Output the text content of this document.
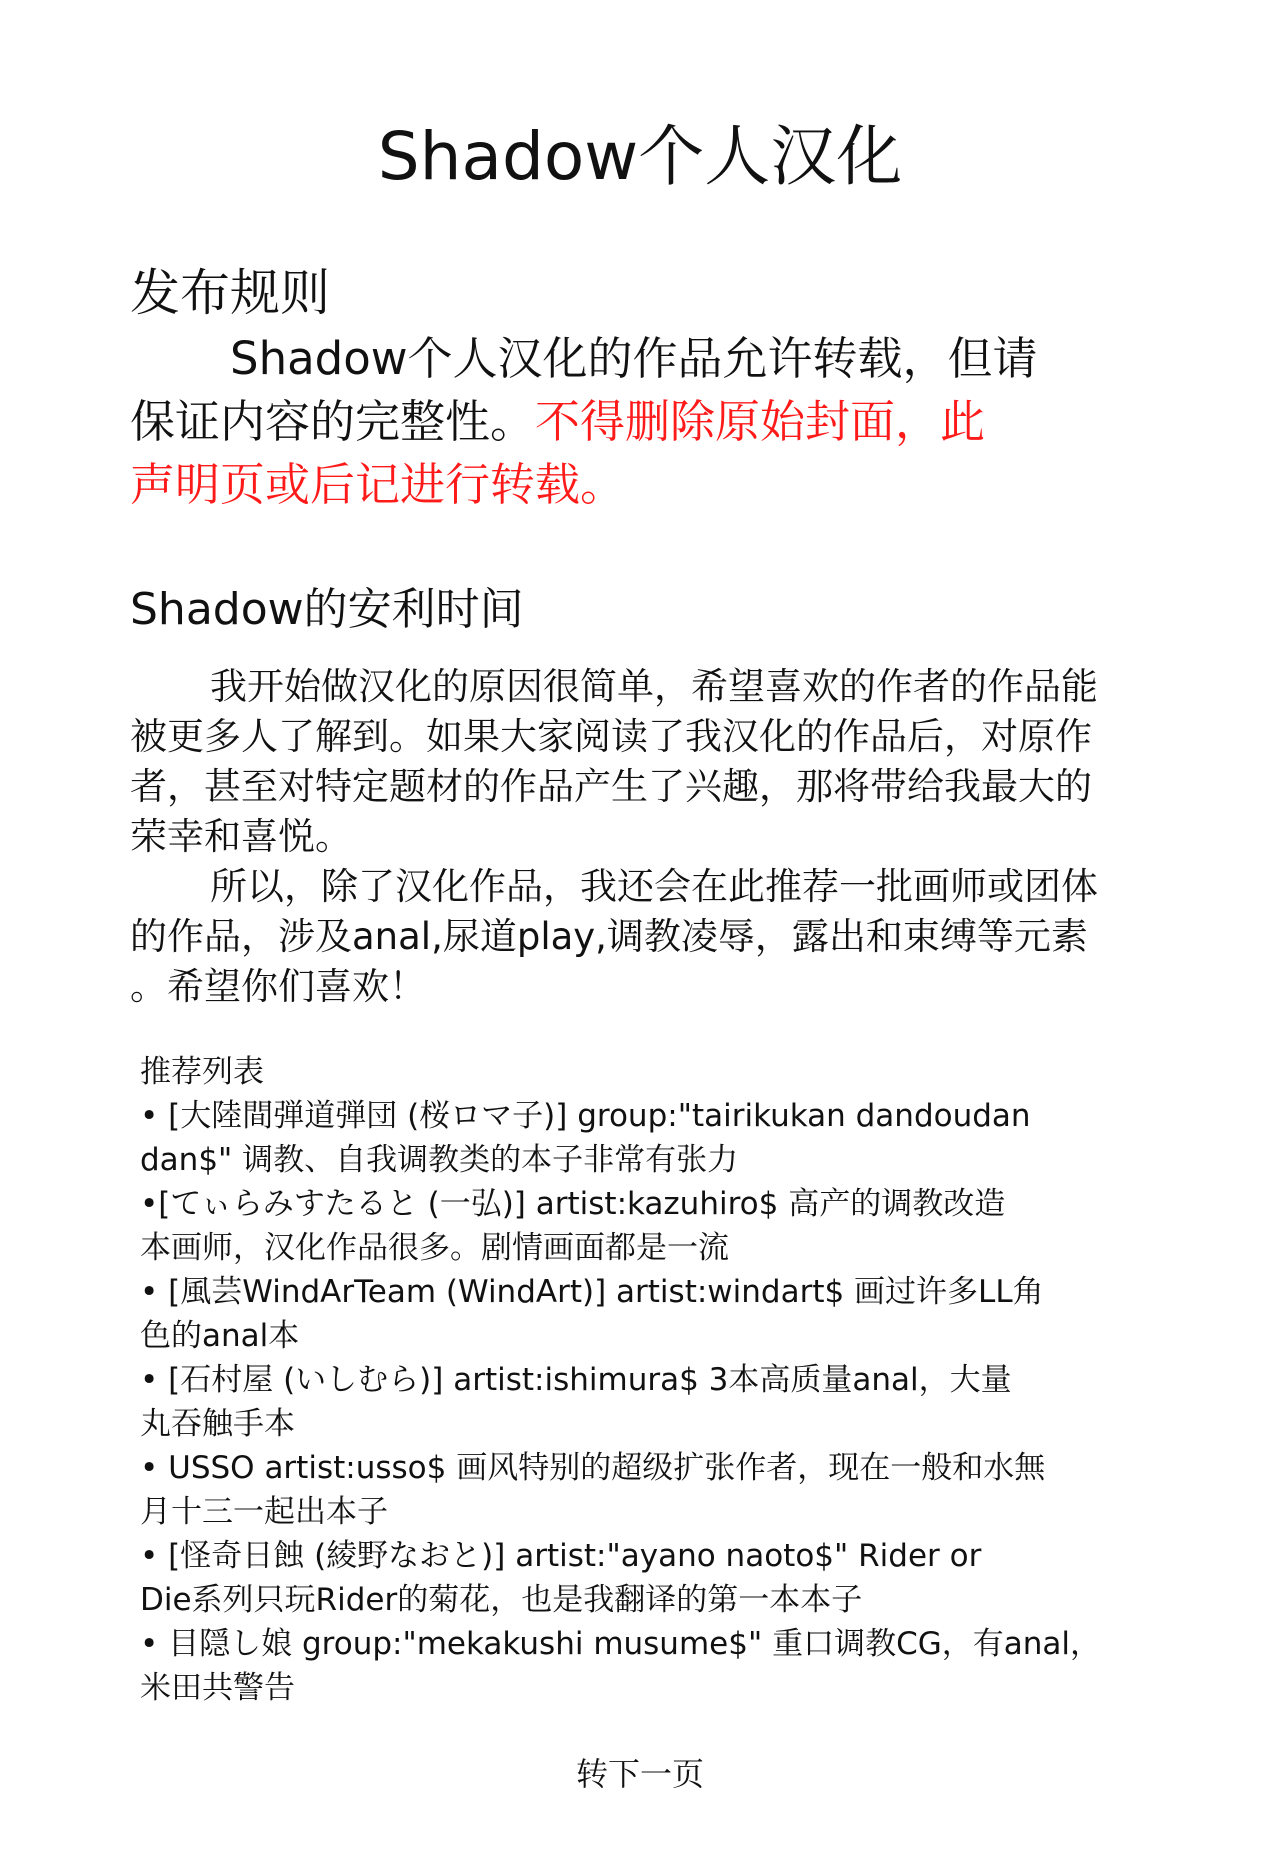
Shadow个人汉化
发布规则
Shadow个人汉化的作品允许转载，但请
保证内容的完整性。不得删除原始封面，此
声明页或后记进行转载。
Shadow的安利时间
我开始做汉化的原因很简单，希望喜欢的作者的作品能
被更多人了解到。如果大家阅读了我汉化的作品后，对原作
者，甚至对特定题材的作品产生了兴趣，那将带给我最大的
荣幸和喜悦。
所以，除了汉化作品，我还会在此推荐一批画师或团体
的作品，涉及anal,尿道play,调教凌辱，露出和束缚等元素
。希望你们喜欢！
推荐列表
• [大陸間弾道弾団 (桜ロマ子)] group:"tairikukan dandoudan
dan$" 调教、自我调教类的本子非常有张力
•[てぃらみすたると (一弘)] artist:kazuhiro$ 高产的调教改造
本画师，汉化作品很多。剧情画面都是一流
• [風芸WindArTeam (WindArt)] artist:windart$ 画过许多LL角
色的anal本
• [石村屋 (いしむら)] artist:ishimura$ 3本高质量anal，大量
丸吞触手本
• USSO artist:usso$ 画风特别的超级扩张作者，现在一般和水無
月十三一起出本子
• [怪奇日蝕 (綾野なおと)] artist:"ayano naoto$" Rider or
Die系列只玩Rider的菊花，也是我翻译的第一本本子
• 目隠し娘 group:"mekakushi musume$" 重口调教CG，有anal，
米田共警告
转下一页
